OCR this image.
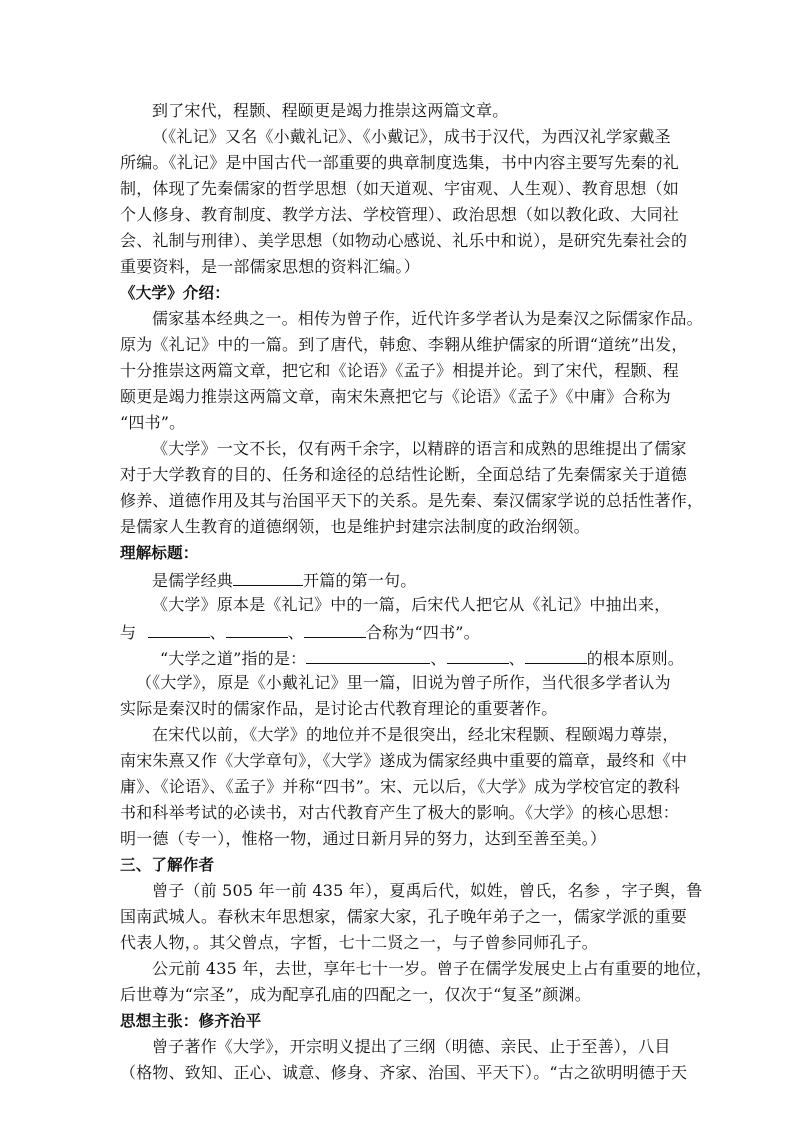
到了宋代，程颢、程颐更是竭力推崇这两篇文章。
（《礼记》又名《小戴礼记》、《小戴记》，成书于汉代，为西汉礼学家戴圣
所编。《礼记》是中国古代一部重要的典章制度选集，书中内容主要写先秦的礼
制，体现了先秦儒家的哲学思想（如天道观、宇宙观、人生观）、教育思想（如
个人修身、教育制度、教学方法、学校管理）、政治思想（如以教化政、大同社
会、礼制与刑律）、美学思想（如物动心感说、礼乐中和说），是研究先秦社会的
重要资料，是一部儒家思想的资料汇编。）
《大学》介绍：
儒家基本经典之一。相传为曾子作，近代许多学者认为是秦汉之际儒家作品。
原为《礼记》中的一篇。到了唐代，韩愈、李翱从维护儒家的所谓“道统”出发，
十分推崇这两篇文章，把它和《论语》《孟子》相提并论。到了宋代，程颢、程
颐更是竭力推崇这两篇文章，南宋朱熹把它与《论语》《孟子》《中庸》合称为
“四书”。
《大学》一文不长，仅有两千余字，以精辟的语言和成熟的思维提出了儒家
对于大学教育的目的、任务和途径的总结性论断，全面总结了先秦儒家关于道德
修养、道德作用及其与治国平天下的关系。是先秦、秦汉儒家学说的总括性著作，
是儒家人生教育的道德纲领，也是维护封建宗法制度的政治纲领。
理解标题：
是儒学经典	开篇的第一句。
《大学》原本是《礼记》中的一篇，后宋代人把它从《礼记》中抽出来，
与	、	、	合称为“四书”。
“大学之道”指的是：	、	、	的根本原则。
（《大学》，原是《小戴礼记》里一篇，旧说为曾子所作，当代很多学者认为
实际是秦汉时的儒家作品，是讨论古代教育理论的重要著作。
在宋代以前，《大学》的地位并不是很突出，经北宋程颢、程颐竭力尊崇，
南宋朱熹又作《大学章句》，《大学》遂成为儒家经典中重要的篇章，最终和《中
庸》、《论语》、《孟子》并称“四书”。宋、元以后，《大学》成为学校官定的教科
书和科举考试的必读书，对古代教育产生了极大的影响。《大学》的核心思想：
明一德（专一），惟格一物，通过日新月异的努力，达到至善至美。）
三、了解作者
曾子（前 505 年一前 435 年），夏禹后代，姒姓，曾氏，名参 ，字子舆，鲁
国南武城人。春秋末年思想家，儒家大家，孔子晚年弟子之一，儒家学派的重要
代表人物，。其父曾点，字皙，七十二贤之一，与子曾参同师孔子。
公元前 435 年，去世，享年七十一岁。曾子在儒学发展史上占有重要的地位，
后世尊为“宗圣”，成为配享孔庙的四配之一，仅次于“复圣”颜渊。
思想主张：修齐治平
曾子著作《大学》，开宗明义提出了三纲（明德、亲民、止于至善），八目
（格物、致知、正心、诚意、修身、齐家、治国、平天下）。“古之欲明明德于天
